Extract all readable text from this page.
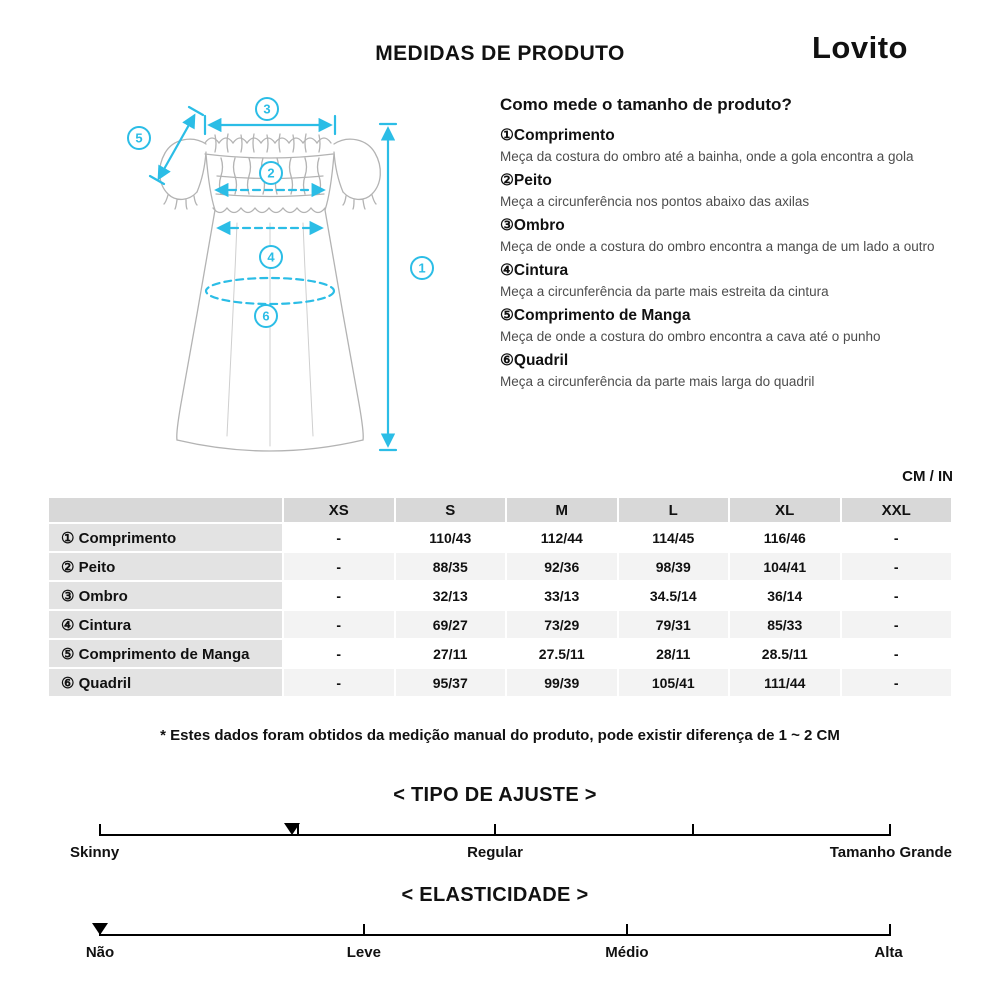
MEDIDAS DE PRODUTO	Lovito
3
5
2
4
6
1
Como mede o tamanho de produto?
①Comprimento
Meça da costura do ombro até a bainha, onde a gola encontra a gola
②Peito
Meça a circunferência nos pontos abaixo das axilas
③Ombro
Meça de onde a costura do ombro encontra a manga de um lado a outro
④Cintura
Meça a circunferência da parte mais estreita da cintura
⑤Comprimento de Manga
Meça de onde a costura do ombro encontra a cava até o punho
⑥Quadril
Meça a circunferência da parte mais larga do quadril
CM / IN
	XS	S	M	L	XL	XXL
① Comprimento	-	110/43	112/44	114/45	116/46	-
② Peito	-	88/35	92/36	98/39	104/41	-
③ Ombro	-	32/13	33/13	34.5/14	36/14	-
④ Cintura	-	69/27	73/29	79/31	85/33	-
⑤ Comprimento de Manga	-	27/11	27.5/11	28/11	28.5/11	-
⑥ Quadril	-	95/37	99/39	105/41	111/44	-
* Estes dados foram obtidos da medição manual do produto, pode existir diferença de 1 ~ 2 CM
< TIPO DE AJUSTE >
Skinny	Regular	Tamanho Grande
< ELASTICIDADE >
Não	Leve	Médio	Alta
